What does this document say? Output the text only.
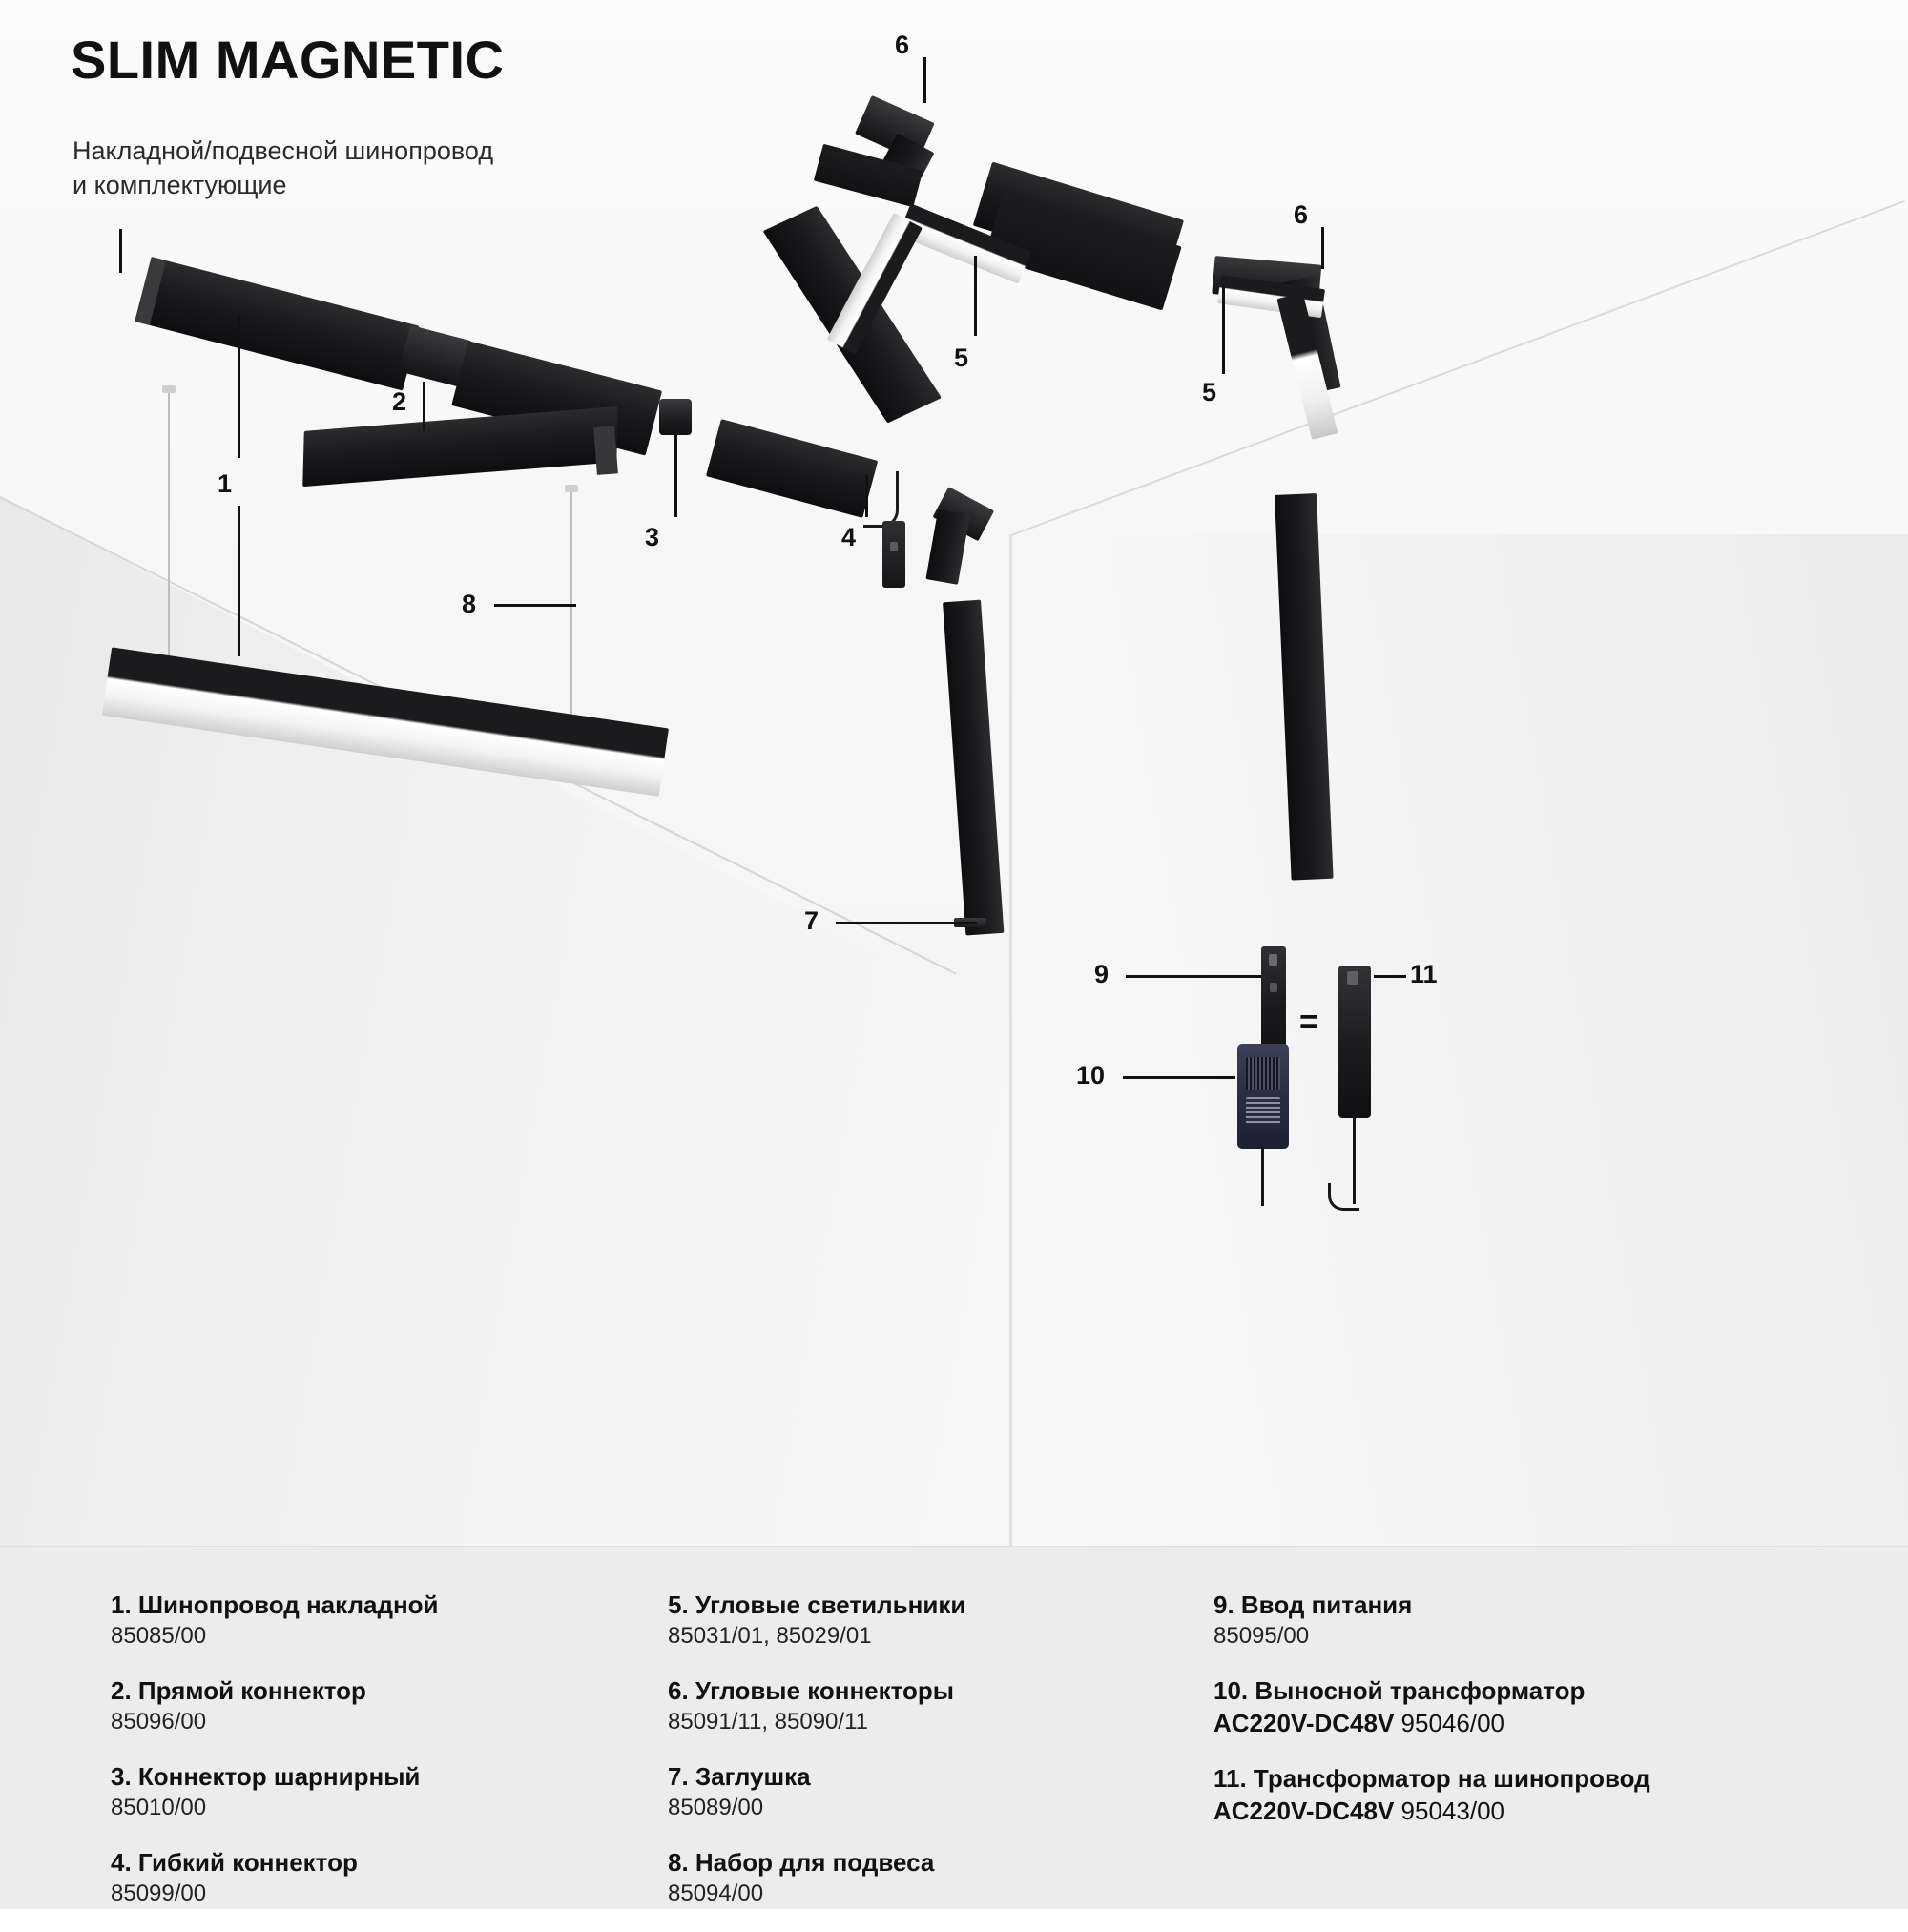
1
2
3	4
5
5
6
6
7
8
9
10
11
=
SLIM MAGNETIC
Накладной/подвесной шинопровод
и комплектующие
1. Шинопровод накладной
85085/00
2. Прямой коннектор
85096/00
3. Коннектор шарнирный
85010/00
4. Гибкий коннектор
85099/00
5. Угловые светильники
85031/01, 85029/01
6. Угловые коннекторы
85091/11, 85090/11
7. Заглушка
85089/00
8. Набор для подвеса
85094/00
9. Ввод питания
85095/00
10. Выносной трансформатор
AC220V-DC48V 95046/00
11. Трансформатор на шинопровод
AC220V-DC48V 95043/00
